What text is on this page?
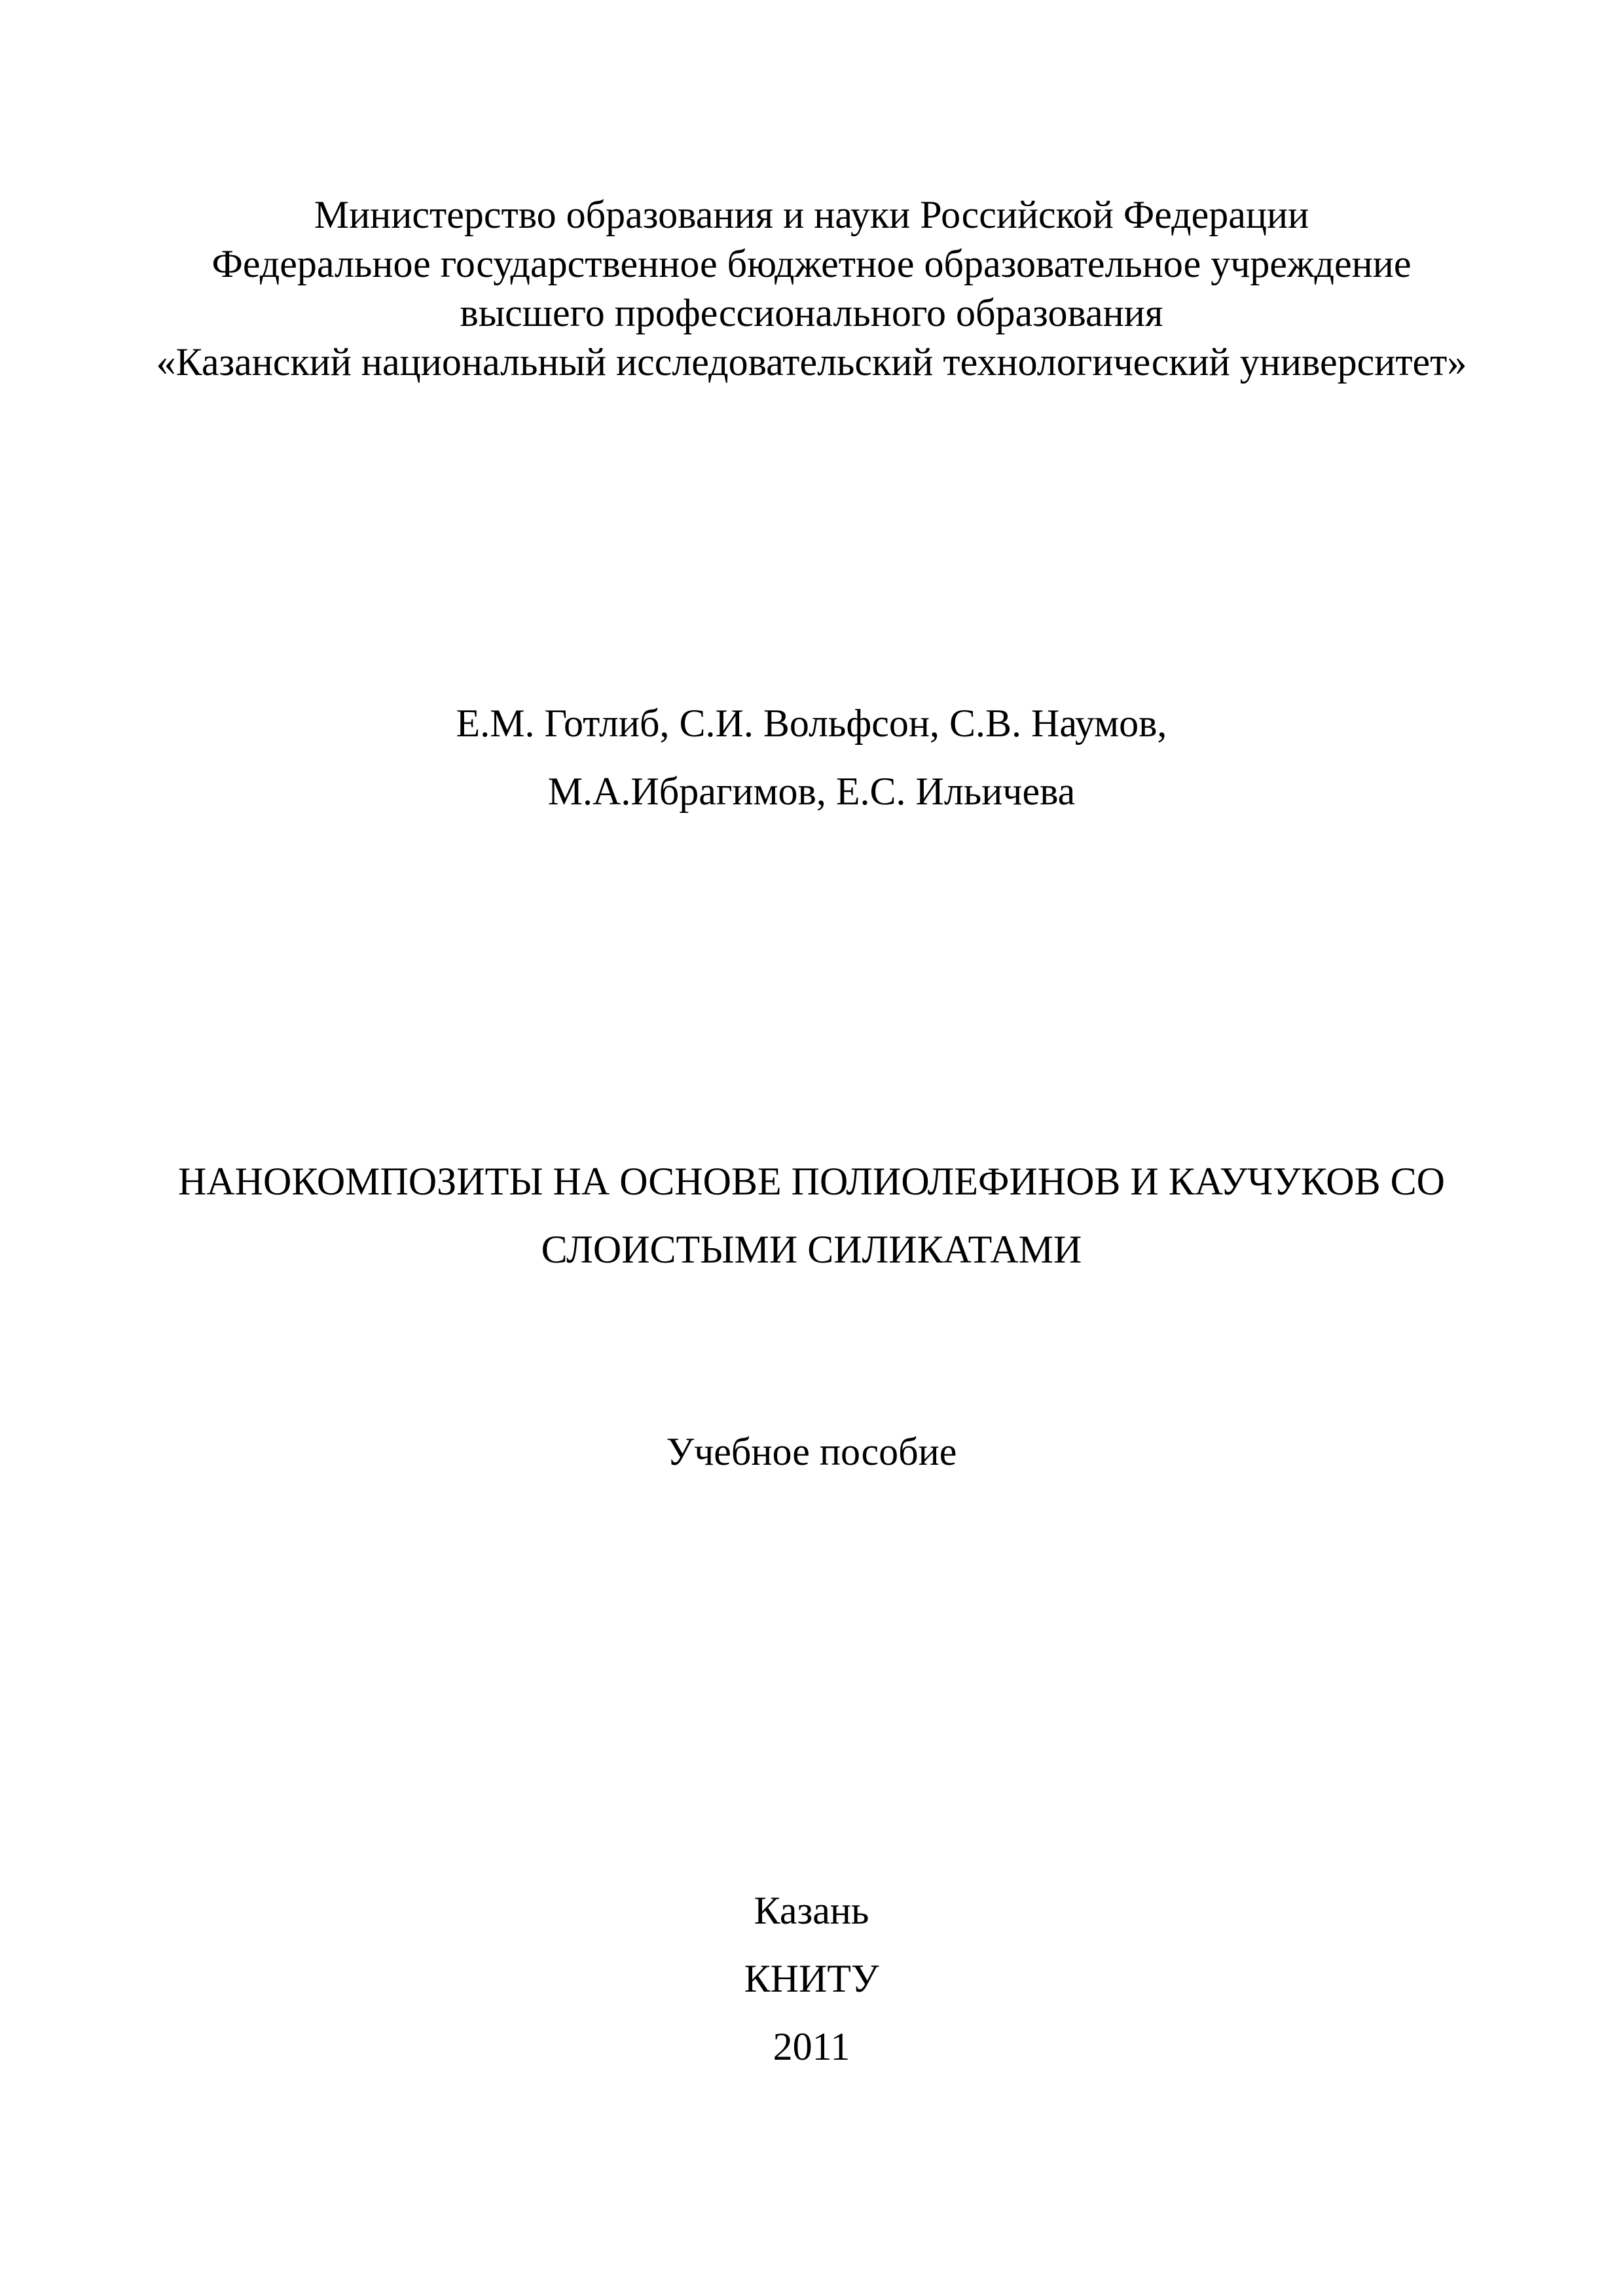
Министерство образования и науки Российской Федерации
Федеральное государственное бюджетное образовательное учреждение
высшего профессионального образования
«Казанский национальный исследовательский технологический университет»
Е.М. Готлиб, С.И. Вольфсон, С.В. Наумов,
М.А.Ибрагимов, Е.С. Ильичева
НАНОКОМПОЗИТЫ НА ОСНОВЕ ПОЛИОЛЕФИНОВ И КАУЧУКОВ СО
СЛОИСТЫМИ СИЛИКАТАМИ
Учебное пособие
Казань
КНИТУ
2011
